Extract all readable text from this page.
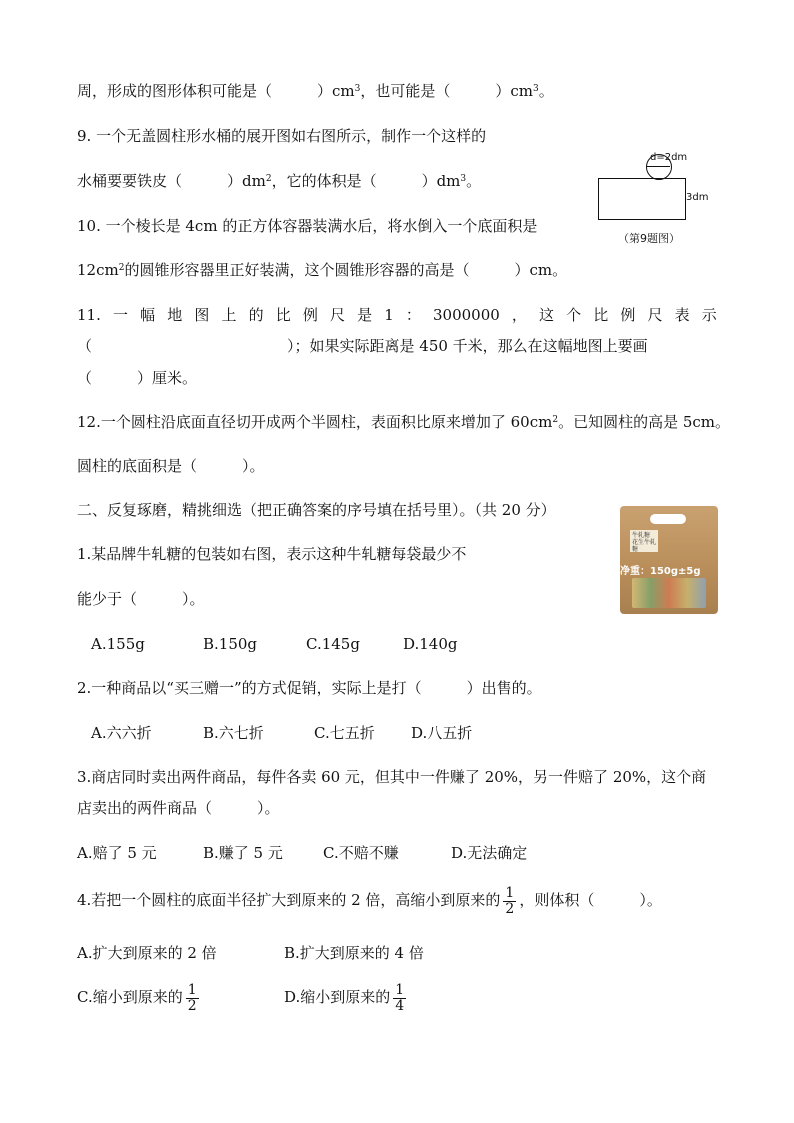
周，形成的图形体积可能是（　　　）$cm^3$，也可能是（　　　）$cm^3$。
9. 一个无盖圆柱形水桶的展开图如右图所示，制作一个这样的
水桶要要铁皮（　　　）$dm^2$，它的体积是（　　　）$dm^3$。
d=2dm
3dm
（第9题图）
10. 一个棱长是 4cm 的正方体容器装满水后，将水倒入一个底面积是
$12cm^2$的圆锥形容器里正好装满，这个圆锥形容器的高是（　　　）cm。
11. 一 幅 地 图 上 的 比 例 尺 是 1 ： 3000000 ， 这 个 比 例 尺 表 示
（　　　　　　　　　　　　　）；如果实际距离是 450 千米，那么在这幅地图上要画
（　　　）厘米。
12.一个圆柱沿底面直径切开成两个半圆柱，表面积比原来增加了 $60cm^2$。已知圆柱的高是 5cm。
圆柱的底面积是（　　　）。
二、反复琢磨，精挑细选（把正确答案的序号填在括号里）。（共 20 分）
牛轧糖 花生牛轧糖
净重：150g±5g
1.某品牌牛轧糖的包装如右图，表示这种牛轧糖每袋最少不
能少于（　　　）。
A.155g	B.150g	C.145g	D.140g
2.一种商品以“买三赠一”的方式促销，实际上是打（　　　）出售的。
A.六六折	B.六七折	C.七五折 D.八五折
3.商店同时卖出两件商品，每件各卖 60 元，但其中一件赚了 20%，另一件赔了 20%，这个商
店卖出的两件商品（　　　）。
A.赔了 5 元	B.赚了 5 元	C.不赔不赚	D.无法确定
4.若把一个圆柱的底面半径扩大到原来的 2 倍，高缩小到原来的 $\frac{1}{2}$ ，则体积（　　　）。
A.扩大到原来的 2 倍	B.扩大到原来的 4 倍
C.缩小到原来的 $\frac{1}{2}$	D.缩小到原来的 $\frac{1}{4}$
